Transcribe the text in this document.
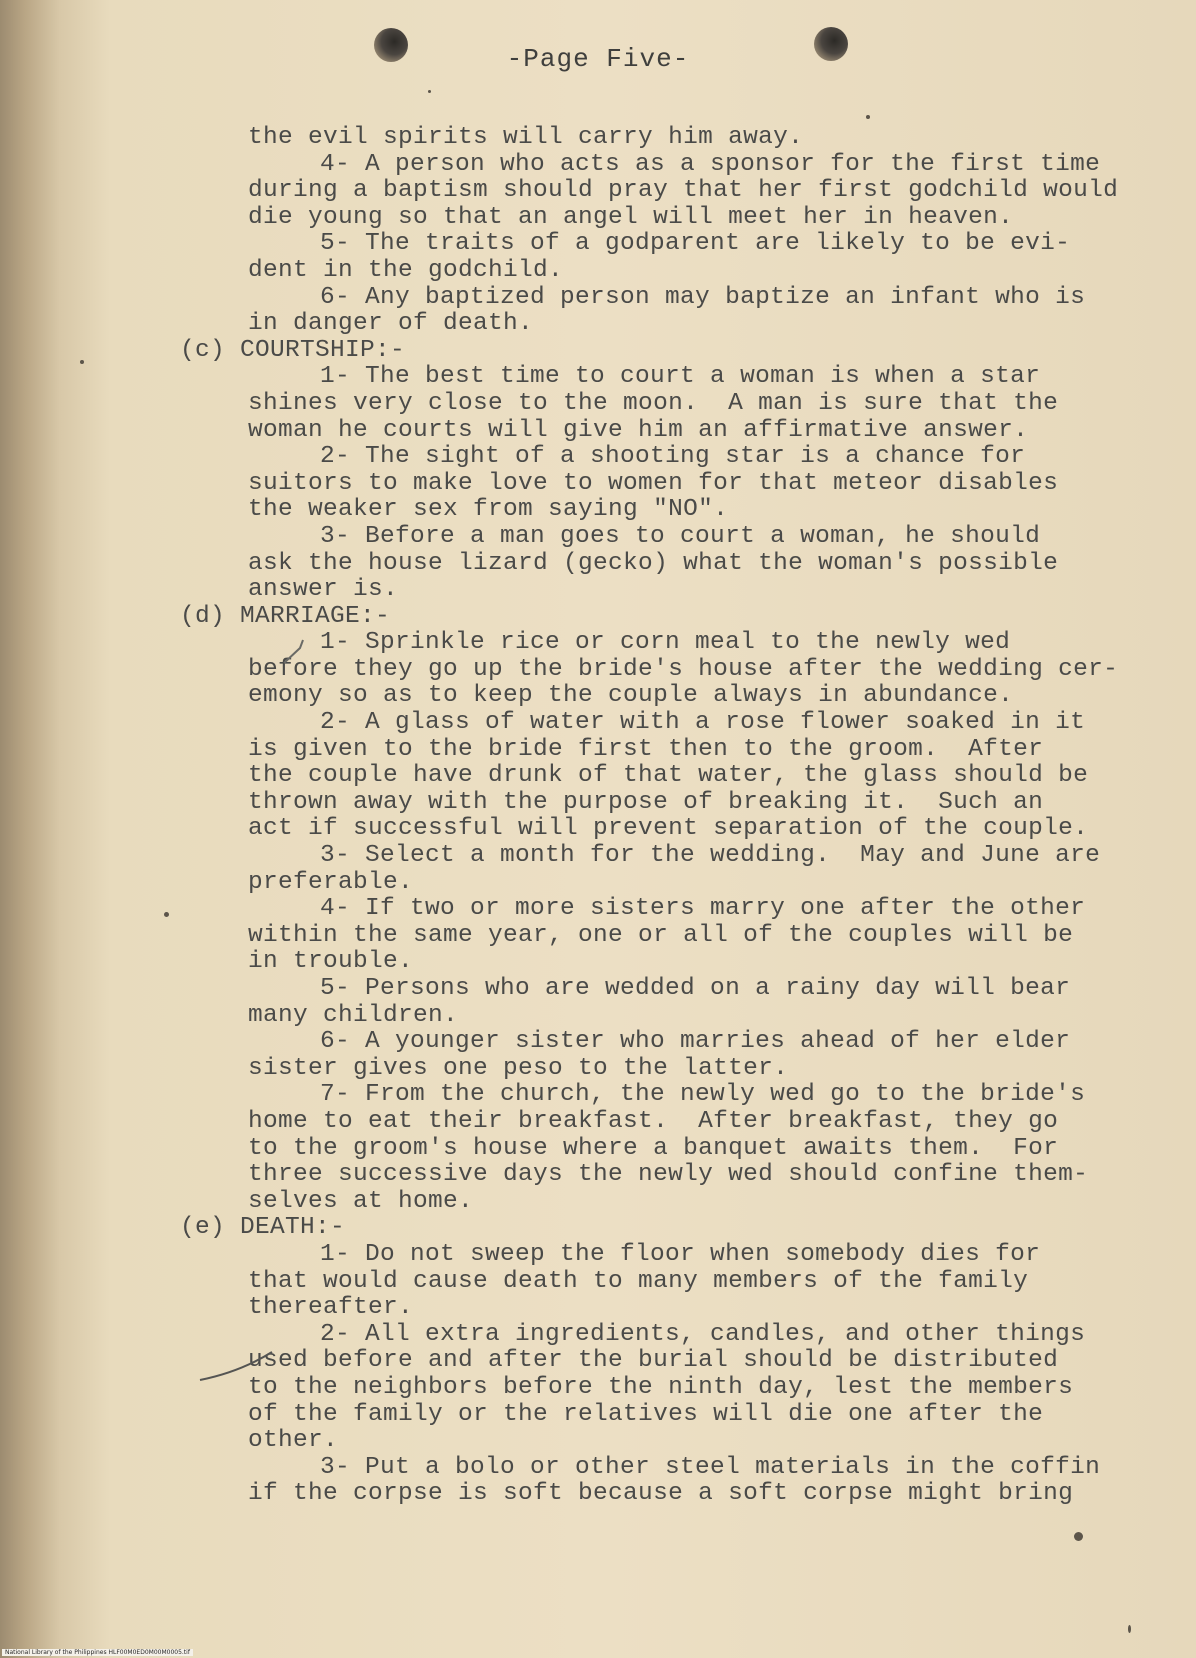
-Page Five-
the evil spirits will carry him away.
4- A person who acts as a sponsor for the first time
during a baptism should pray that her first godchild would
die young so that an angel will meet her in heaven.
5- The traits of a godparent are likely to be evi-
dent in the godchild.
6- Any baptized person may baptize an infant who is
in danger of death.
(c) COURTSHIP:-
1- The best time to court a woman is when a star
shines very close to the moon.  A man is sure that the
woman he courts will give him an affirmative answer.
2- The sight of a shooting star is a chance for
suitors to make love to women for that meteor disables
the weaker sex from saying "NO".
3- Before a man goes to court a woman, he should
ask the house lizard (gecko) what the woman's possible
answer is.
(d) MARRIAGE:-
1- Sprinkle rice or corn meal to the newly wed
before they go up the bride's house after the wedding cer-
emony so as to keep the couple always in abundance.
2- A glass of water with a rose flower soaked in it
is given to the bride first then to the groom.  After
the couple have drunk of that water, the glass should be
thrown away with the purpose of breaking it.  Such an
act if successful will prevent separation of the couple.
3- Select a month for the wedding.  May and June are
preferable.
4- If two or more sisters marry one after the other
within the same year, one or all of the couples will be
in trouble.
5- Persons who are wedded on a rainy day will bear
many children.
6- A younger sister who marries ahead of her elder
sister gives one peso to the latter.
7- From the church, the newly wed go to the bride's
home to eat their breakfast.  After breakfast, they go
to the groom's house where a banquet awaits them.  For
three successive days the newly wed should confine them-
selves at home.
(e) DEATH:-
1- Do not sweep the floor when somebody dies for
that would cause death to many members of the family
thereafter.
2- All extra ingredients, candles, and other things
used before and after the burial should be distributed
to the neighbors before the ninth day, lest the members
of the family or the relatives will die one after the
other.
3- Put a bolo or other steel materials in the coffin
if the corpse is soft because a soft corpse might bring
National Library of the Philippines HLF00M0ED0M00M0005.tif
